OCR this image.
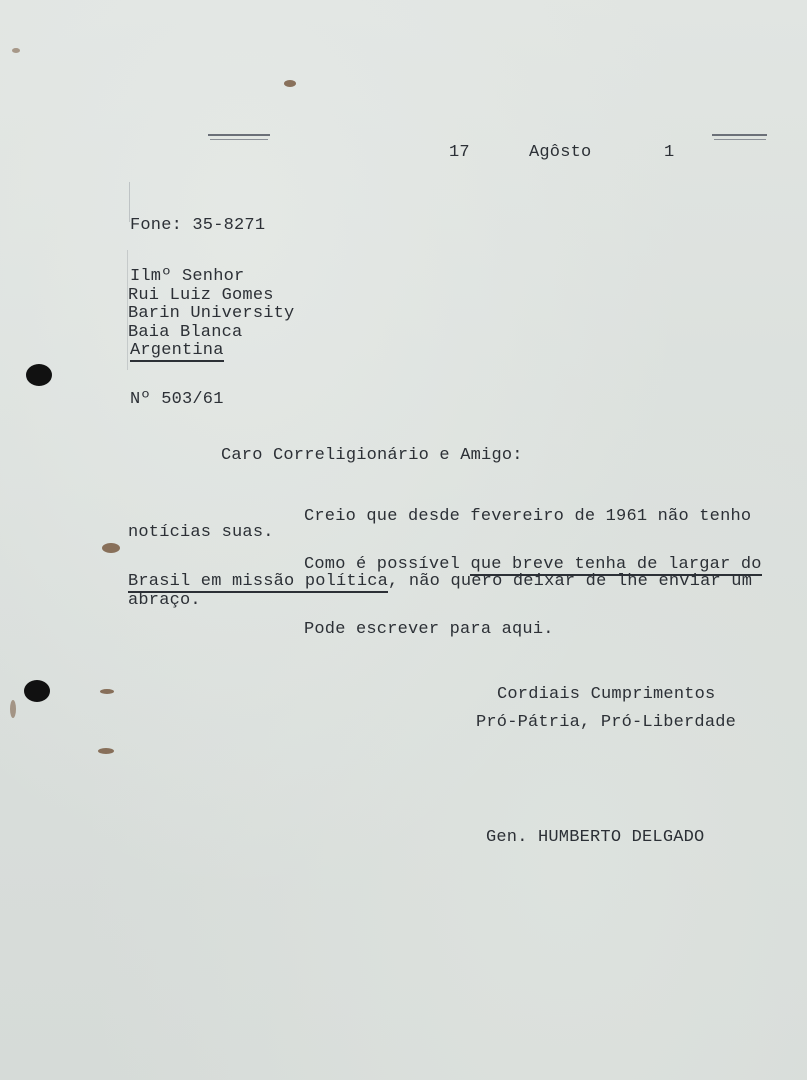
17	Agôsto	1
Fone: 35-8271
Ilmº Senhor
Rui Luiz Gomes
Barin University
Baia Blanca
Argentina
Nº 503/61
Caro Correligionário e Amigo:
Creio que desde fevereiro de 1961 não tenho
notícias suas.
Como é possível que breve tenha de largar do
Brasil em missão política, não quero deixar de lhe enviar um
abraço.
Pode escrever para aqui.
Cordiais Cumprimentos
Pró-Pátria, Pró-Liberdade
Gen. HUMBERTO DELGADO
